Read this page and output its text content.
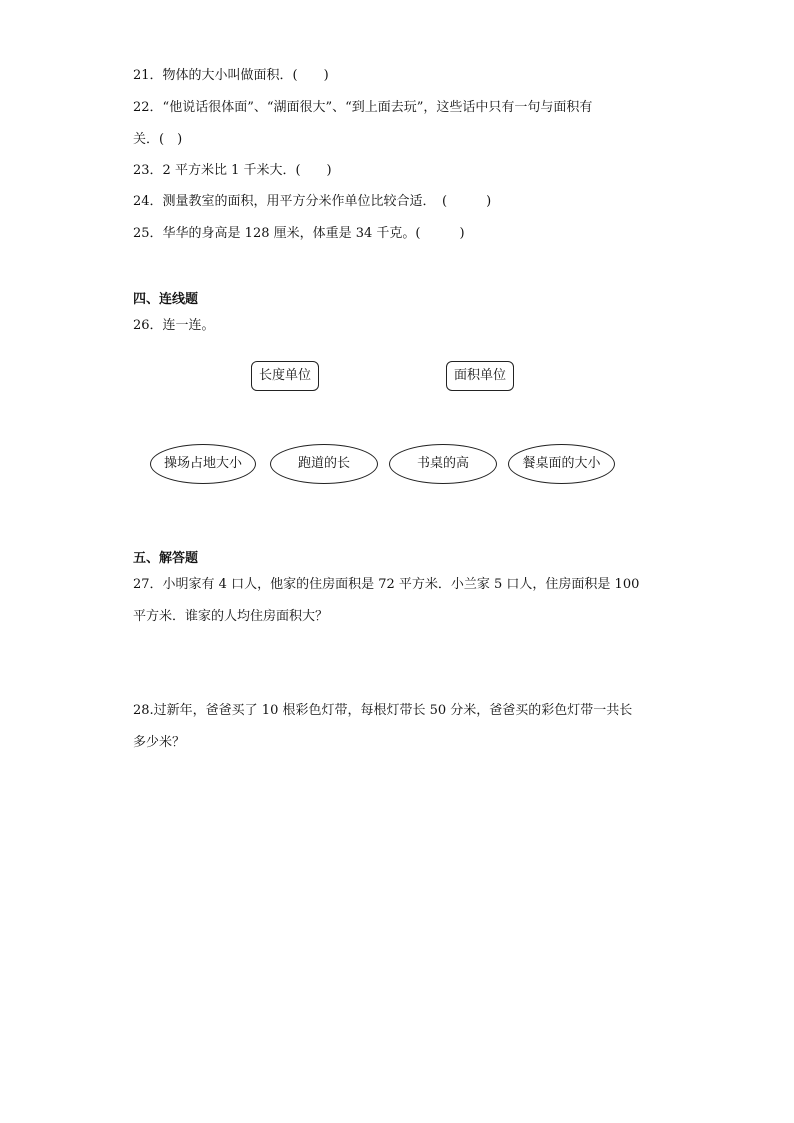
21．物体的大小叫做面积．(　　)
22．“他说话很体面”、“湖面很大”、“到上面去玩”，这些话中只有一句与面积有
关．(　)
23．2 平方米比 1 千米大．(　　)
24．测量教室的面积，用平方分米作单位比较合适．　(　　　)
25．华华的身高是 128 厘米，体重是 34 千克。(　　　)
四、连线题
26．连一连。
长度单位	面积单位
操场占地大小	跑道的长	书桌的高	餐桌面的大小
五、解答题
27．小明家有 4 口人，他家的住房面积是 72 平方米．小兰家 5 口人，住房面积是 100
平方米．谁家的人均住房面积大？
28.过新年，爸爸买了 10 根彩色灯带，每根灯带长 50 分米，爸爸买的彩色灯带一共长
多少米？
